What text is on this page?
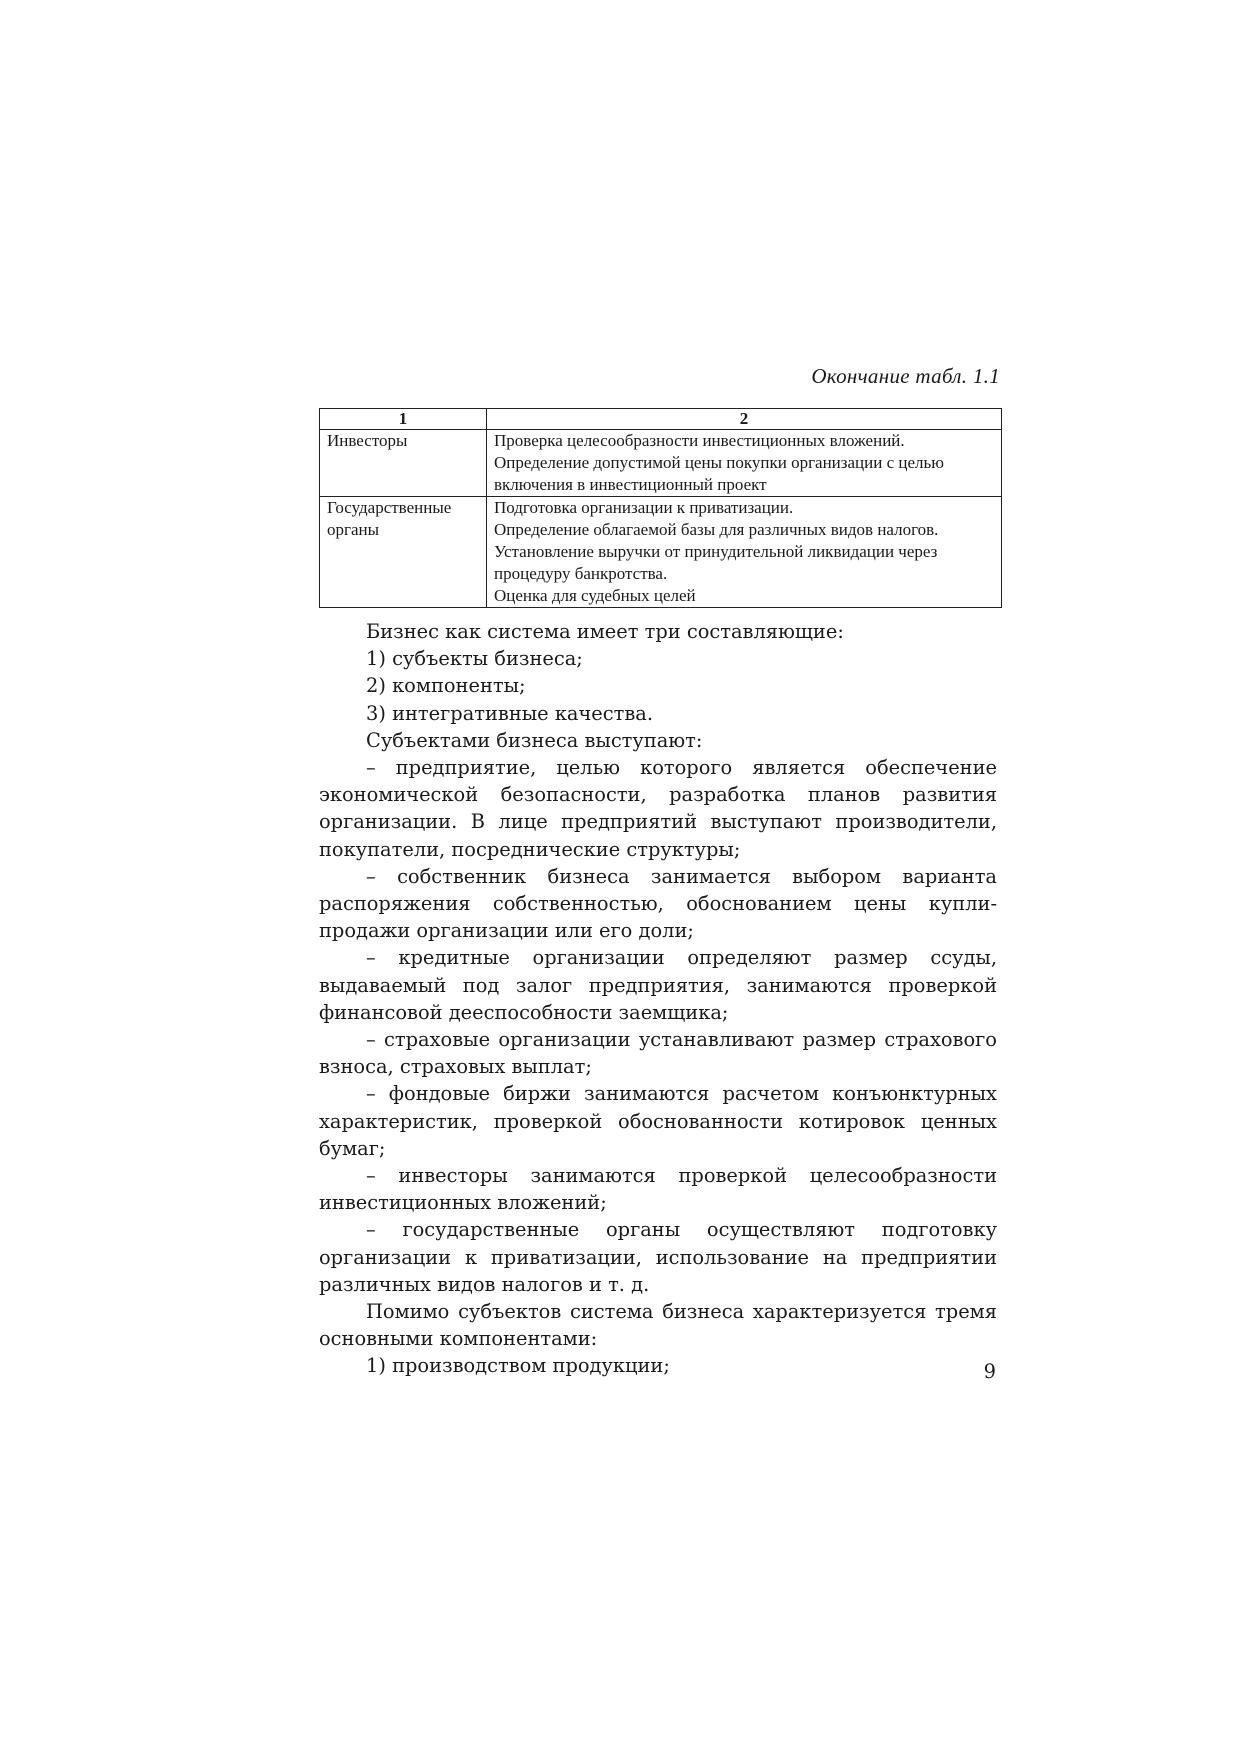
Окончание табл. 1.1
1	2
Инвесторы	Проверка целесообразности инвестиционных вложений.
Определение допустимой цены покупки организации с целью включения в инвестиционный проект

Государственные органы	Подготовка организации к приватизации.
Определение облагаемой базы для различных видов налогов.
Установление выручки от принудительной ликвидации через процедуру банкротства.
Оценка для судебных целей

Бизнес как система имеет три составляющие:

1) субъекты бизнеса;

2) компоненты;

3) интегративные качества.

Субъектами бизнеса выступают:

– предприятие, целью которого является обеспечение экономической безопасности, разработка планов развития организации. В лице предприятий выступают производители, покупатели, посреднические структуры;

– собственник бизнеса занимается выбором варианта распоряжения собственностью, обоснованием цены купли-продажи организации или его доли;

– кредитные организации определяют размер ссуды, выдаваемый под залог предприятия, занимаются проверкой финансовой дееспособности заемщика;

– страховые организации устанавливают размер страхового взноса, страховых выплат;

– фондовые биржи занимаются расчетом конъюнктурных характеристик, проверкой обоснованности котировок ценных бумаг;

– инвесторы занимаются проверкой целесообразности инвестиционных вложений;

– государственные органы осуществляют подготовку организации к приватизации, использование на предприятии различных видов налогов и т. д.

Помимо субъектов система бизнеса характеризуется тремя основными компонентами:

1) производством продукции;	9
